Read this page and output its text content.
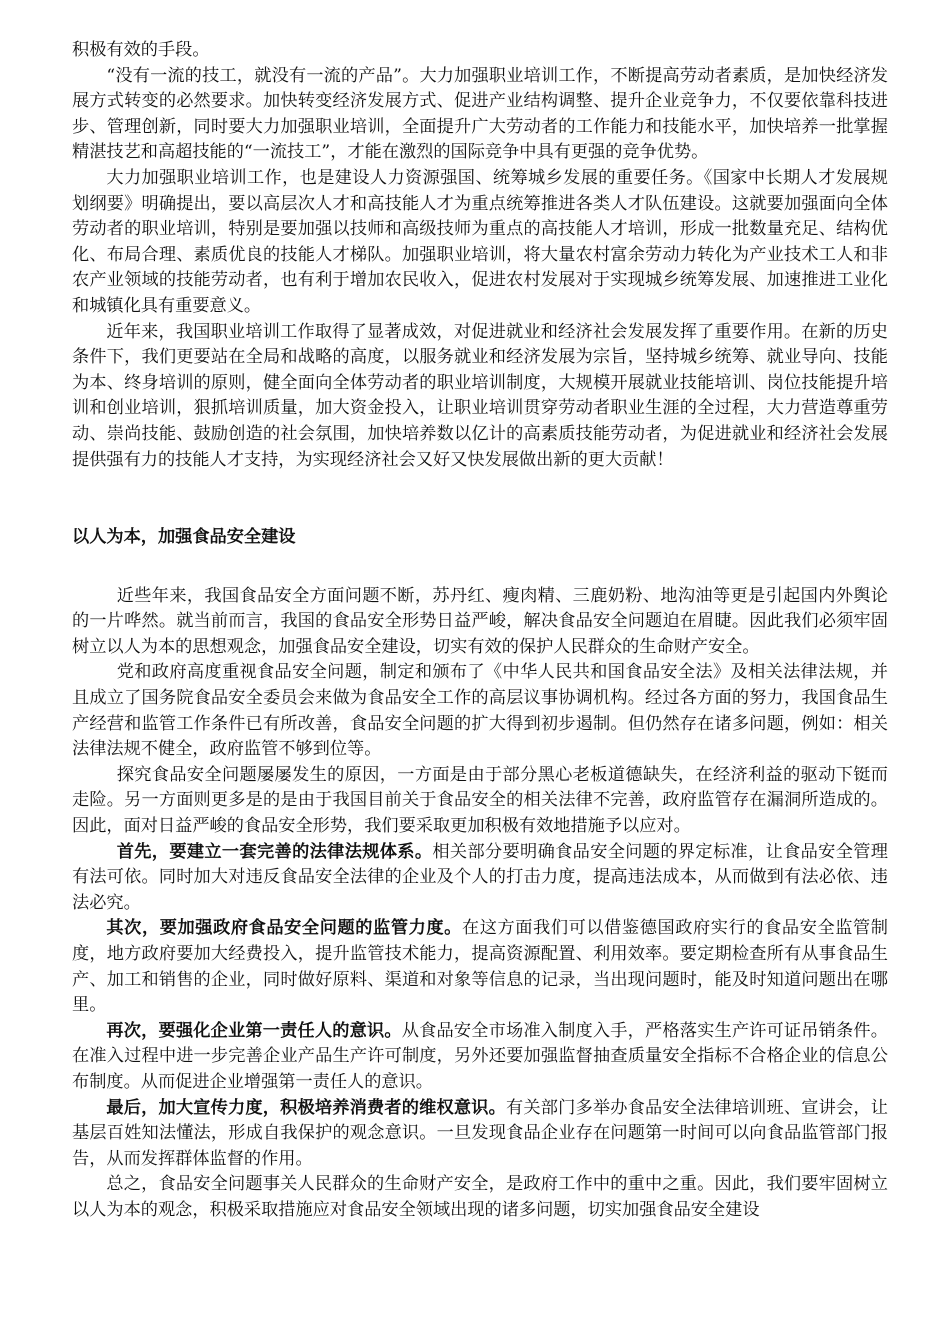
积极有效的手段。

“没有一流的技工，就没有一流的产品”。大力加强职业培训工作，不断提高劳动者素质，是加快经济发展方式转变的必然要求。加快转变经济发展方式、促进产业结构调整、提升企业竞争力，不仅要依靠科技进步、管理创新，同时要大力加强职业培训，全面提升广大劳动者的工作能力和技能水平，加快培养一批掌握精湛技艺和高超技能的“一流技工”，才能在激烈的国际竞争中具有更强的竞争优势。

大力加强职业培训工作，也是建设人力资源强国、统筹城乡发展的重要任务。《国家中长期人才发展规划纲要》明确提出，要以高层次人才和高技能人才为重点统筹推进各类人才队伍建设。这就要加强面向全体劳动者的职业培训，特别是要加强以技师和高级技师为重点的高技能人才培训，形成一批数量充足、结构优化、布局合理、素质优良的技能人才梯队。加强职业培训，将大量农村富余劳动力转化为产业技术工人和非农产业领域的技能劳动者，也有利于增加农民收入，促进农村发展对于实现城乡统筹发展、加速推进工业化和城镇化具有重要意义。

近年来，我国职业培训工作取得了显著成效，对促进就业和经济社会发展发挥了重要作用。在新的历史条件下，我们更要站在全局和战略的高度，以服务就业和经济发展为宗旨，坚持城乡统筹、就业导向、技能为本、终身培训的原则，健全面向全体劳动者的职业培训制度，大规模开展就业技能培训、岗位技能提升培训和创业培训，狠抓培训质量，加大资金投入，让职业培训贯穿劳动者职业生涯的全过程，大力营造尊重劳动、崇尚技能、鼓励创造的社会氛围，加快培养数以亿计的高素质技能劳动者，为促进就业和经济社会发展提供强有力的技能人才支持，为实现经济社会又好又快发展做出新的更大贡献！

以人为本，加强食品安全建设

近些年来，我国食品安全方面问题不断，苏丹红、瘦肉精、三鹿奶粉、地沟油等更是引起国内外舆论的一片哗然。就当前而言，我国的食品安全形势日益严峻，解决食品安全问题迫在眉睫。因此我们必须牢固树立以人为本的思想观念，加强食品安全建设，切实有效的保护人民群众的生命财产安全。

党和政府高度重视食品安全问题，制定和颁布了《中华人民共和国食品安全法》及相关法律法规，并且成立了国务院食品安全委员会来做为食品安全工作的高层议事协调机构。经过各方面的努力，我国食品生产经营和监管工作条件已有所改善，食品安全问题的扩大得到初步遏制。但仍然存在诸多问题，例如：相关法律法规不健全，政府监管不够到位等。

探究食品安全问题屡屡发生的原因，一方面是由于部分黑心老板道德缺失，在经济利益的驱动下铤而走险。另一方面则更多是的是由于我国目前关于食品安全的相关法律不完善，政府监管存在漏洞所造成的。因此，面对日益严峻的食品安全形势，我们要采取更加积极有效地措施予以应对。

首先，要建立一套完善的法律法规体系。相关部分要明确食品安全问题的界定标准，让食品安全管理有法可依。同时加大对违反食品安全法律的企业及个人的打击力度，提高违法成本，从而做到有法必依、违法必究。

其次，要加强政府食品安全问题的监管力度。在这方面我们可以借鉴德国政府实行的食品安全监管制度，地方政府要加大经费投入，提升监管技术能力，提高资源配置、利用效率。要定期检查所有从事食品生产、加工和销售的企业，同时做好原料、渠道和对象等信息的记录，当出现问题时，能及时知道问题出在哪里。

再次，要强化企业第一责任人的意识。从食品安全市场准入制度入手，严格落实生产许可证吊销条件。在准入过程中进一步完善企业产品生产许可制度，另外还要加强监督抽查质量安全指标不合格企业的信息公布制度。从而促进企业增强第一责任人的意识。

最后，加大宣传力度，积极培养消费者的维权意识。有关部门多举办食品安全法律培训班、宣讲会，让基层百姓知法懂法，形成自我保护的观念意识。一旦发现食品企业存在问题第一时间可以向食品监管部门报告，从而发挥群体监督的作用。

总之，食品安全问题事关人民群众的生命财产安全，是政府工作中的重中之重。因此，我们要牢固树立以人为本的观念，积极采取措施应对食品安全领域出现的诸多问题，切实加强食品安全建设
